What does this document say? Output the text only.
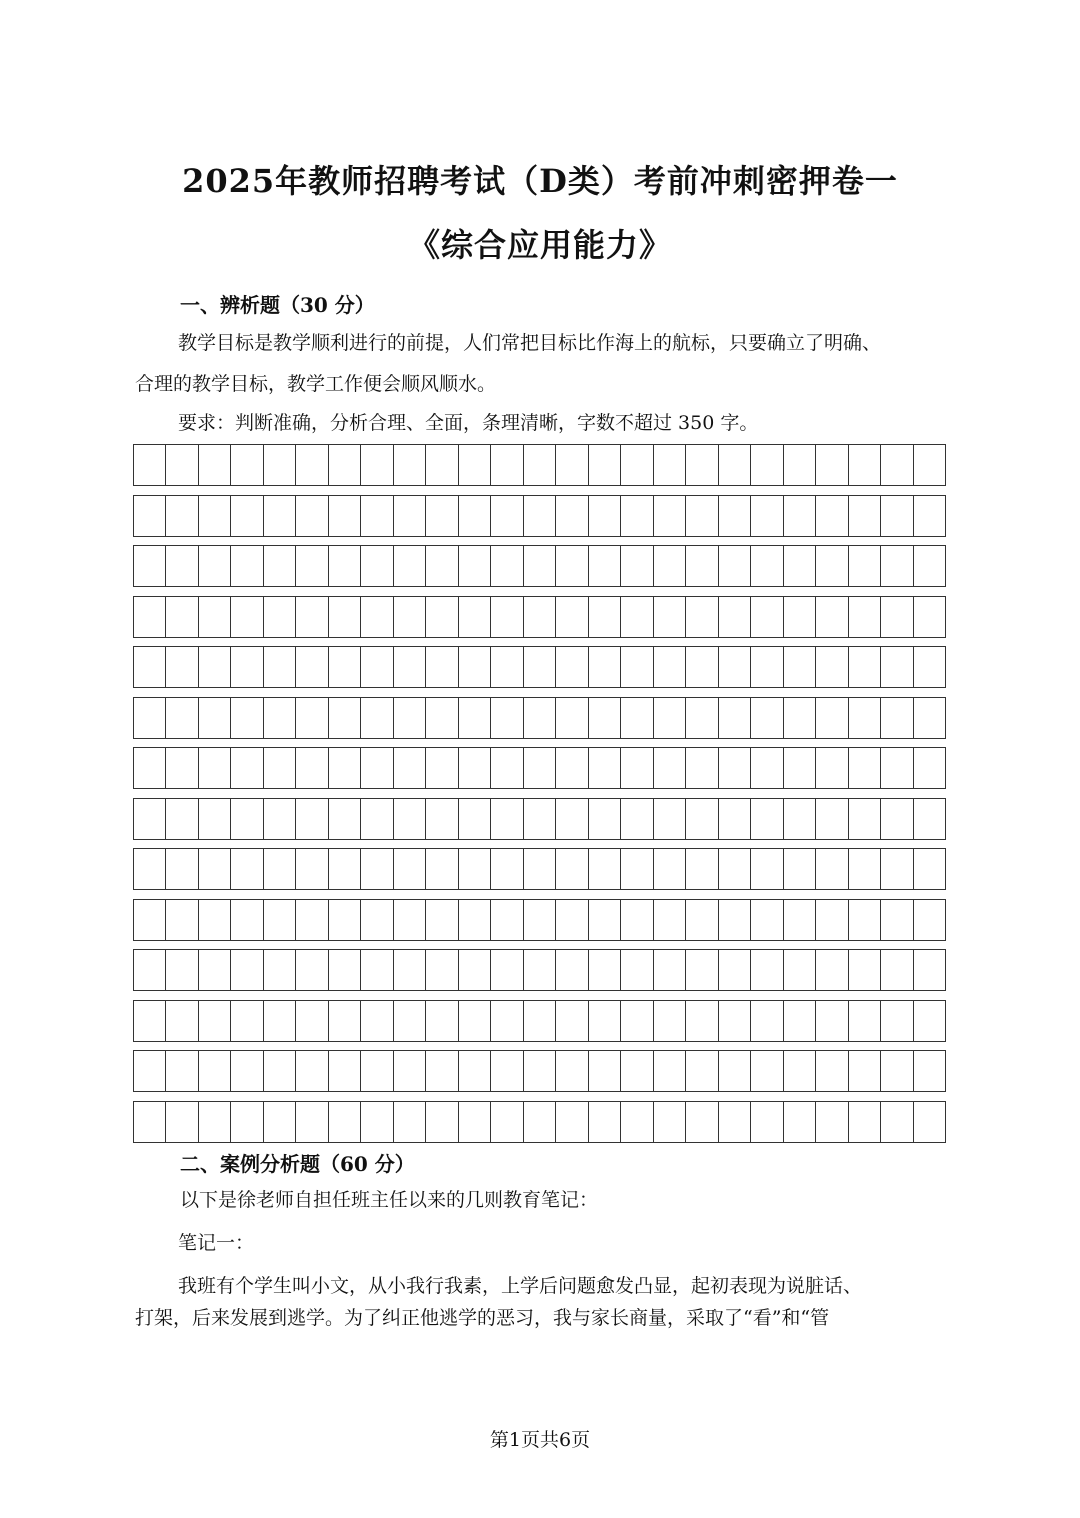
2025年教师招聘考试（D类）考前冲刺密押卷一
《综合应用能力》
一、辨析题（30 分）
教学目标是教学顺利进行的前提，人们常把目标比作海上的航标，只要确立了明确、
合理的教学目标，教学工作便会顺风顺水。
要求：判断准确，分析合理、全面，条理清晰，字数不超过 350 字。
二、案例分析题（60 分）
以下是徐老师自担任班主任以来的几则教育笔记：
笔记一：
我班有个学生叫小文，从小我行我素，上学后问题愈发凸显，起初表现为说脏话、
打架，后来发展到逃学。为了纠正他逃学的恶习，我与家长商量，采取了“看”和“管
第1页共6页
